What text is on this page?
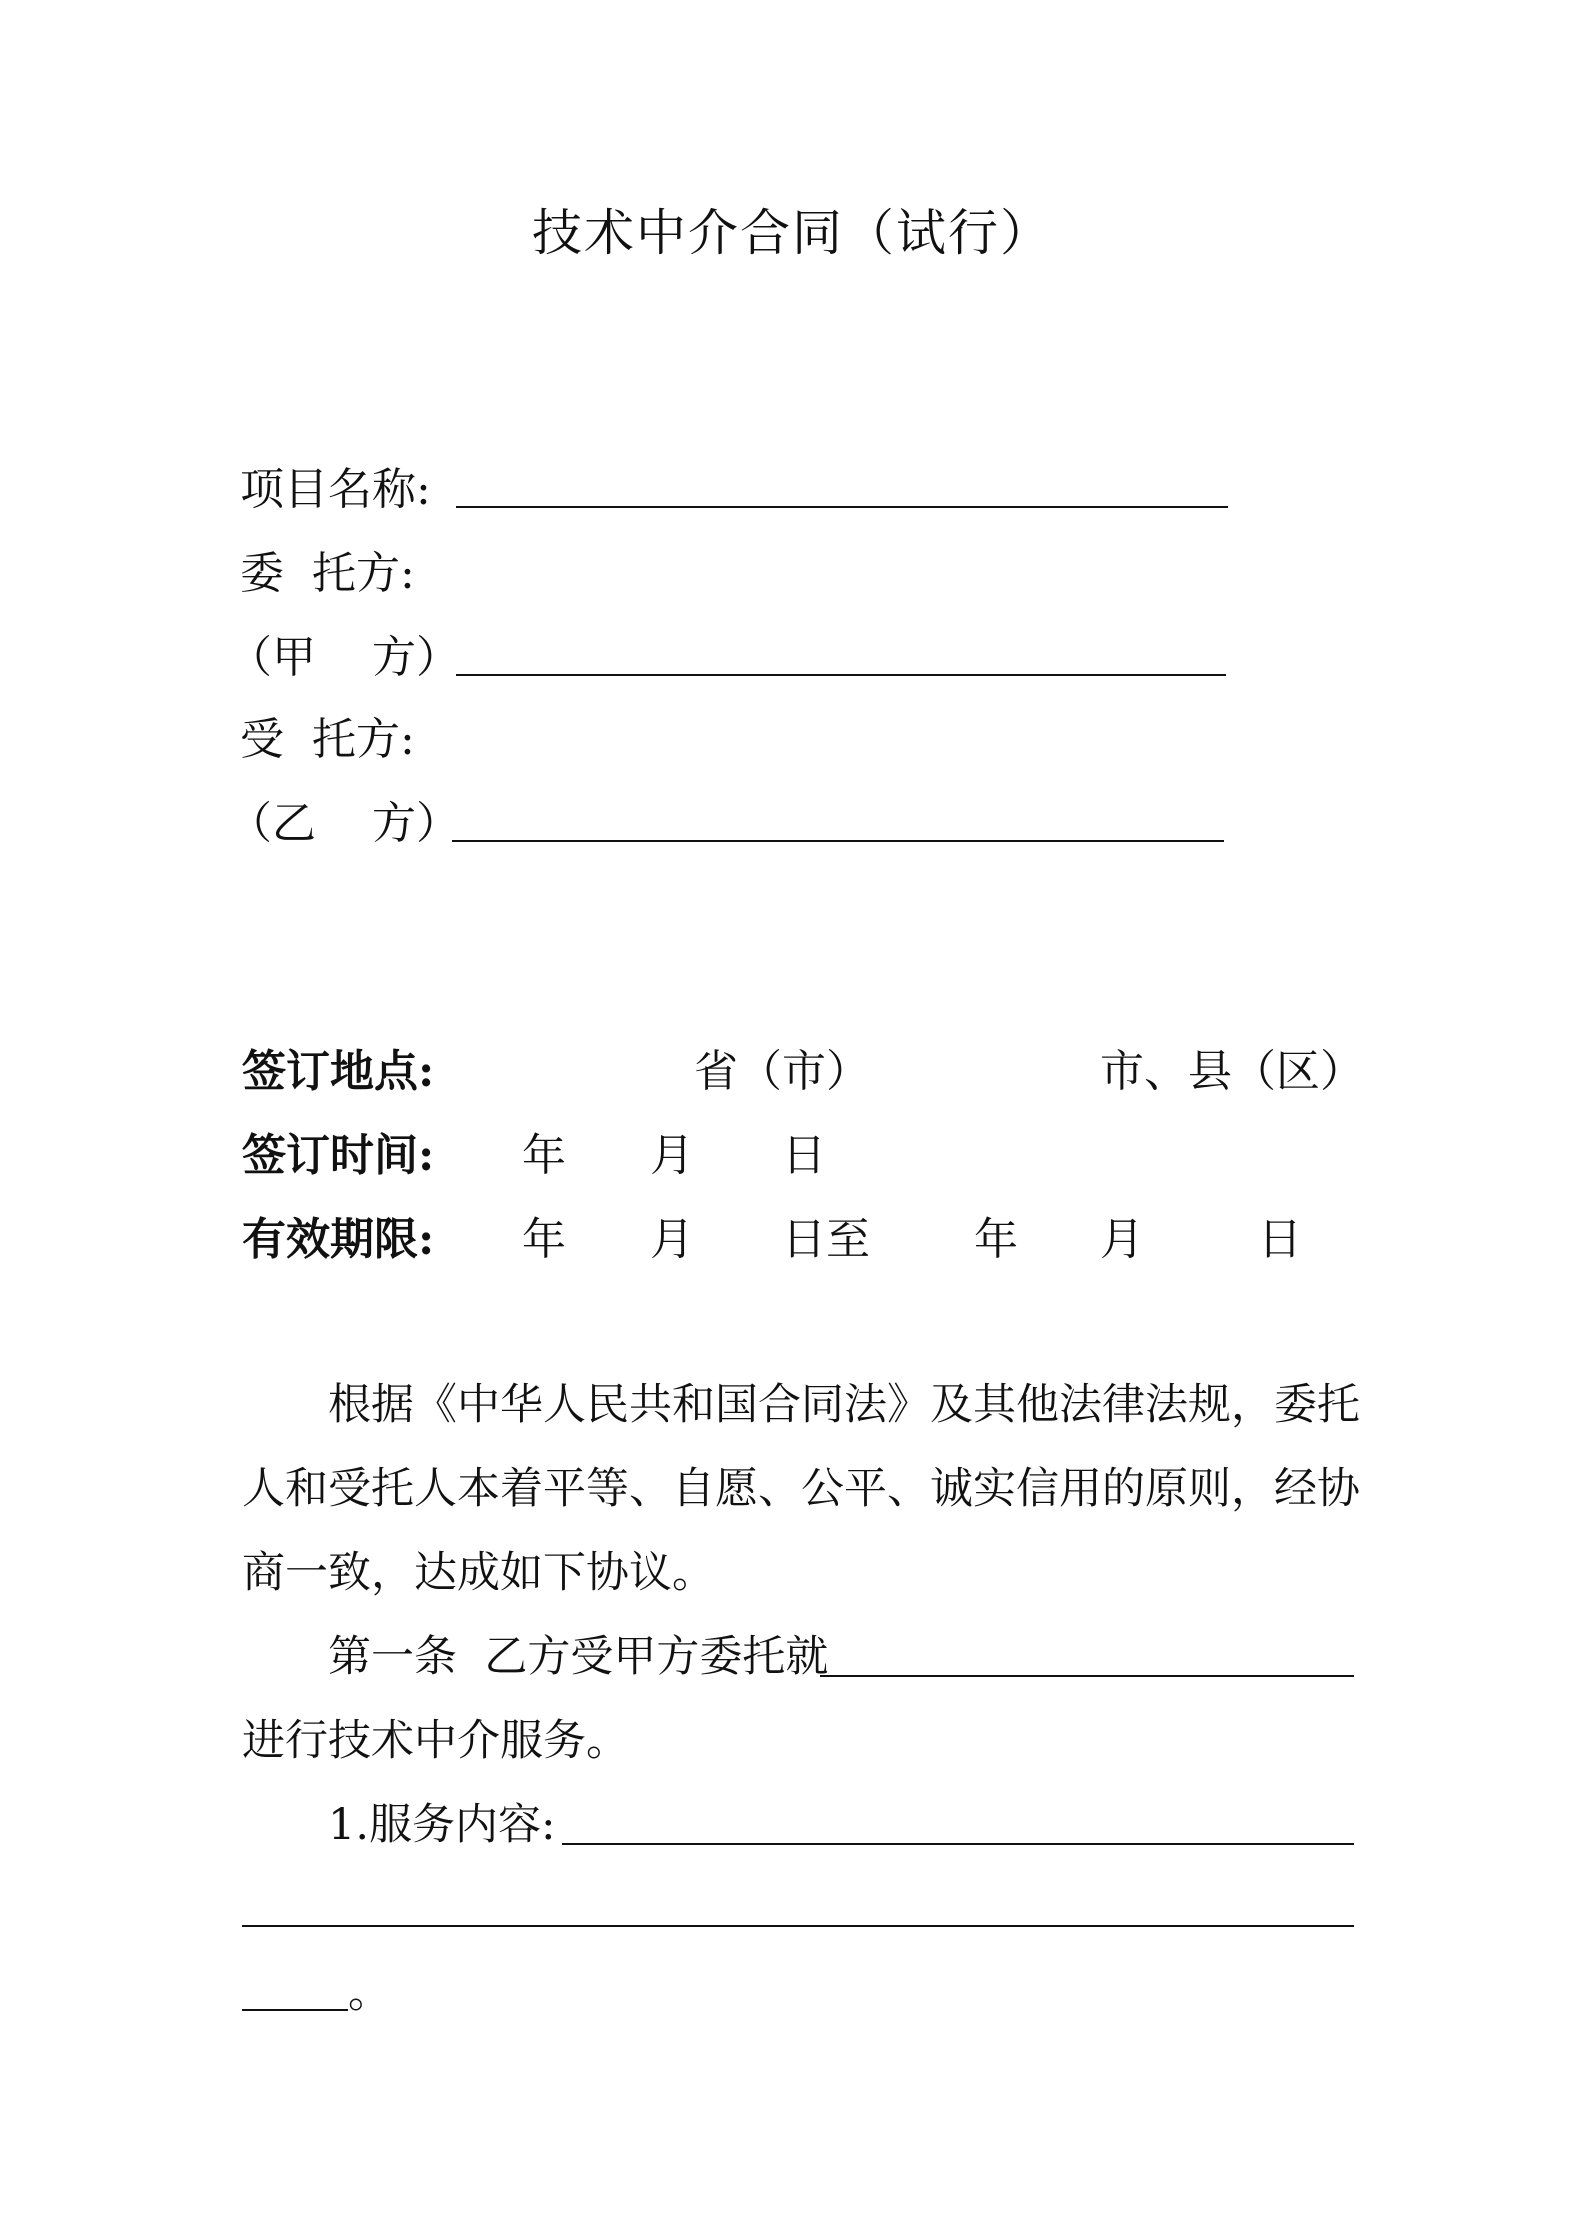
技术中介合同（试行）
项目名称:
委  托方:
（甲    方）
受  托方:
（乙    方）
签订地点:	省（市）	市、县（区）
签订时间: 年 月 日
有效期限: 年 月 日至 年 月	日
根据《中华人民共和国合同法》及其他法律法规，委托
人和受托人本着平等、自愿、公平、诚实信用的原则，经协
商一致，达成如下协议。
第一条  乙方受甲方委托就
进行技术中介服务。
1.服务内容:
。
